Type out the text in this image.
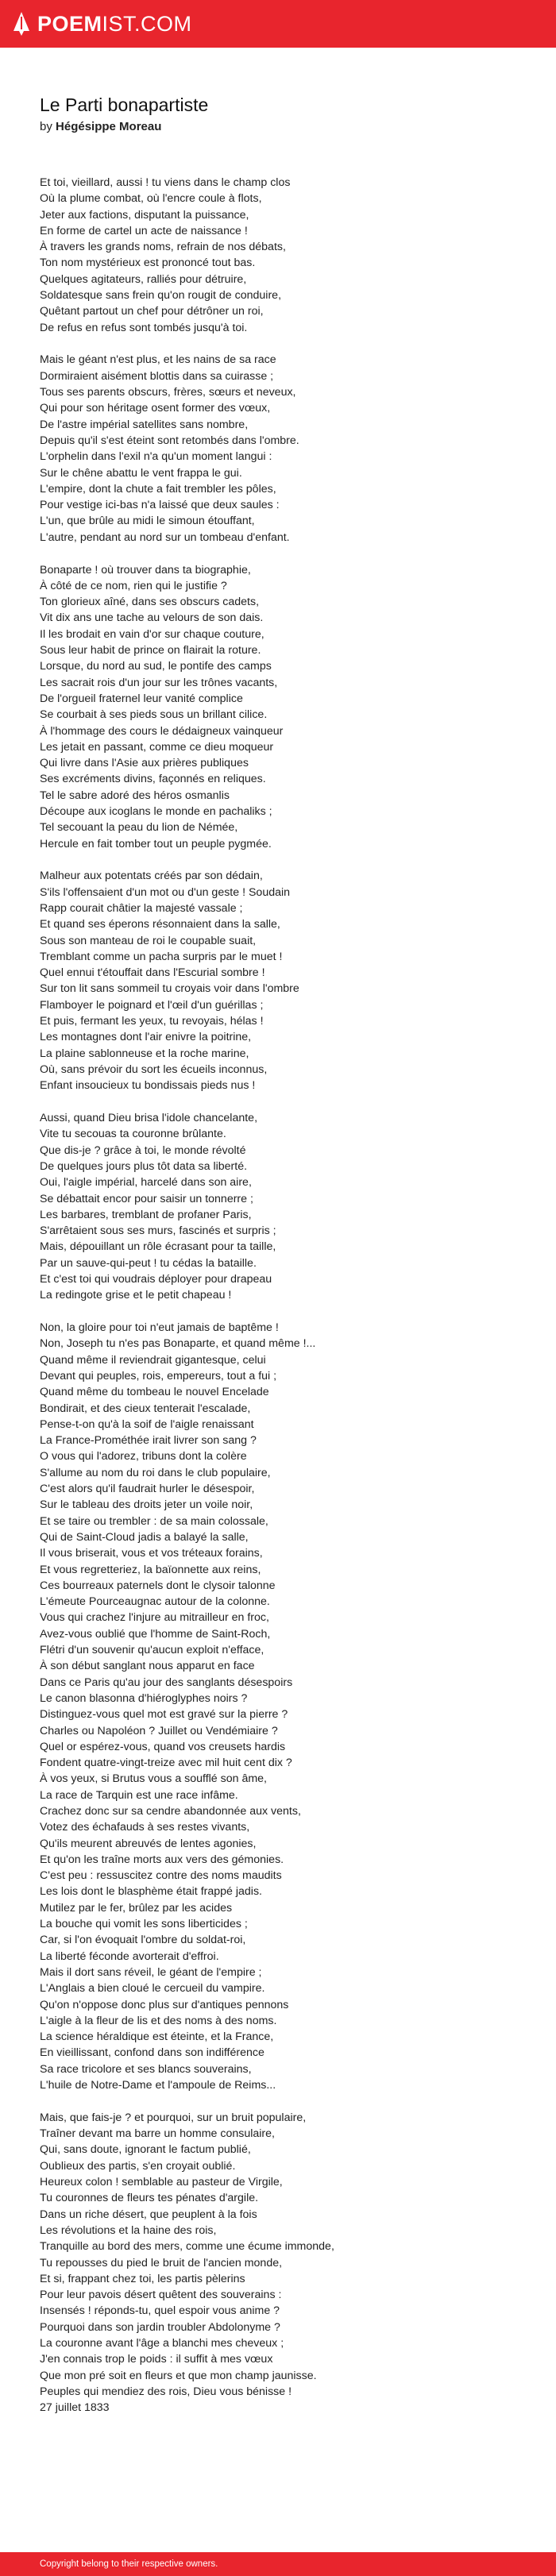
POEMIST.COM
Le Parti bonapartiste

by Hégésippe Moreau

Et toi, vieillard, aussi ! tu viens dans le champ clos
Où la plume combat, où l'encre coule à flots,
Jeter aux factions, disputant la puissance,
En forme de cartel un acte de naissance !
À travers les grands noms, refrain de nos débats,
Ton nom mystérieux est prononcé tout bas.
Quelques agitateurs, ralliés pour détruire,
Soldatesque sans frein qu'on rougit de conduire,
Quêtant partout un chef pour détrôner un roi,
De refus en refus sont tombés jusqu'à toi.
Mais le géant n'est plus, et les nains de sa race
Dormiraient aisément blottis dans sa cuirasse ;
Tous ses parents obscurs, frères, sœurs et neveux,
Qui pour son héritage osent former des vœux,
De l'astre impérial satellites sans nombre,
Depuis qu'il s'est éteint sont retombés dans l'ombre.
L'orphelin dans l'exil n'a qu'un moment langui :
Sur le chêne abattu le vent frappa le gui.
L'empire, dont la chute a fait trembler les pôles,
Pour vestige ici-bas n'a laissé que deux saules :
L'un, que brûle au midi le simoun étouffant,
L'autre, pendant au nord sur un tombeau d'enfant.
Bonaparte ! où trouver dans ta biographie,
À côté de ce nom, rien qui le justifie ?
Ton glorieux aîné, dans ses obscurs cadets,
Vit dix ans une tache au velours de son dais.
Il les brodait en vain d'or sur chaque couture,
Sous leur habit de prince on flairait la roture.
Lorsque, du nord au sud, le pontife des camps
Les sacrait rois d'un jour sur les trônes vacants,
De l'orgueil fraternel leur vanité complice
Se courbait à ses pieds sous un brillant cilice.
À l'hommage des cours le dédaigneux vainqueur
Les jetait en passant, comme ce dieu moqueur
Qui livre dans l'Asie aux prières publiques
Ses excréments divins, façonnés en reliques.
Tel le sabre adoré des héros osmanlis
Découpe aux icoglans le monde en pachaliks ;
Tel secouant la peau du lion de Némée,
Hercule en fait tomber tout un peuple pygmée.
Malheur aux potentats créés par son dédain,
S'ils l'offensaient d'un mot ou d'un geste ! Soudain
Rapp courait châtier la majesté vassale ;
Et quand ses éperons résonnaient dans la salle,
Sous son manteau de roi le coupable suait,
Tremblant comme un pacha surpris par le muet !
Quel ennui t'étouffait dans l'Escurial sombre !
Sur ton lit sans sommeil tu croyais voir dans l'ombre
Flamboyer le poignard et l'œil d'un guérillas ;
Et puis, fermant les yeux, tu revoyais, hélas !
Les montagnes dont l'air enivre la poitrine,
La plaine sablonneuse et la roche marine,
Où, sans prévoir du sort les écueils inconnus,
Enfant insoucieux tu bondissais pieds nus !
Aussi, quand Dieu brisa l'idole chancelante,
Vite tu secouas ta couronne brûlante.
Que dis-je ? grâce à toi, le monde révolté
De quelques jours plus tôt data sa liberté.
Oui, l'aigle impérial, harcelé dans son aire,
Se débattait encor pour saisir un tonnerre ;
Les barbares, tremblant de profaner Paris,
S'arrêtaient sous ses murs, fascinés et surpris ;
Mais, dépouillant un rôle écrasant pour ta taille,
Par un sauve-qui-peut ! tu cédas la bataille.
Et c'est toi qui voudrais déployer pour drapeau
La redingote grise et le petit chapeau !
Non, la gloire pour toi n'eut jamais de baptême !
Non, Joseph tu n'es pas Bonaparte, et quand même !...
Quand même il reviendrait gigantesque, celui
Devant qui peuples, rois, empereurs, tout a fui ;
Quand même du tombeau le nouvel Encelade
Bondirait, et des cieux tenterait l'escalade,
Pense-t-on qu'à la soif de l'aigle renaissant
La France-Prométhée irait livrer son sang ?
O vous qui l'adorez, tribuns dont la colère
S'allume au nom du roi dans le club populaire,
C'est alors qu'il faudrait hurler le désespoir,
Sur le tableau des droits jeter un voile noir,
Et se taire ou trembler : de sa main colossale,
Qui de Saint-Cloud jadis a balayé la salle,
Il vous briserait, vous et vos tréteaux forains,
Et vous regretteriez, la baïonnette aux reins,
Ces bourreaux paternels dont le clysoir talonne
L'émeute Pourceaugnac autour de la colonne.
Vous qui crachez l'injure au mitrailleur en froc,
Avez-vous oublié que l'homme de Saint-Roch,
Flétri d'un souvenir qu'aucun exploit n'efface,
À son début sanglant nous apparut en face
Dans ce Paris qu'au jour des sanglants désespoirs
Le canon blasonna d'hiéroglyphes noirs ?
Distinguez-vous quel mot est gravé sur la pierre ?
Charles ou Napoléon ? Juillet ou Vendémiaire ?
Quel or espérez-vous, quand vos creusets hardis
Fondent quatre-vingt-treize avec mil huit cent dix ?
À vos yeux, si Brutus vous a soufflé son âme,
La race de Tarquin est une race infâme.
Crachez donc sur sa cendre abandonnée aux vents,
Votez des échafauds à ses restes vivants,
Qu'ils meurent abreuvés de lentes agonies,
Et qu'on les traîne morts aux vers des gémonies.
C'est peu : ressuscitez contre des noms maudits
Les lois dont le blasphème était frappé jadis.
Mutilez par le fer, brûlez par les acides
La bouche qui vomit les sons liberticides ;
Car, si l'on évoquait l'ombre du soldat-roi,
La liberté féconde avorterait d'effroi.
Mais il dort sans réveil, le géant de l'empire ;
L'Anglais a bien cloué le cercueil du vampire.
Qu'on n'oppose donc plus sur d'antiques pennons
L'aigle à la fleur de lis et des noms à des noms.
La science héraldique est éteinte, et la France,
En vieillissant, confond dans son indifférence
Sa race tricolore et ses blancs souverains,
L'huile de Notre-Dame et l'ampoule de Reims...
Mais, que fais-je ? et pourquoi, sur un bruit populaire,
Traîner devant ma barre un homme consulaire,
Qui, sans doute, ignorant le factum publié,
Oublieux des partis, s'en croyait oublié.
Heureux colon ! semblable au pasteur de Virgile,
Tu couronnes de fleurs tes pénates d'argile.
Dans un riche désert, que peuplent à la fois
Les révolutions et la haine des rois,
Tranquille au bord des mers, comme une écume immonde,
Tu repousses du pied le bruit de l'ancien monde,
Et si, frappant chez toi, les partis pèlerins
Pour leur pavois désert quêtent des souverains :
Insensés ! réponds-tu, quel espoir vous anime ?
Pourquoi dans son jardin troubler Abdolonyme ?
La couronne avant l'âge a blanchi mes cheveux ;
J'en connais trop le poids : il suffit à mes vœux
Que mon pré soit en fleurs et que mon champ jaunisse.
Peuples qui mendiez des rois, Dieu vous bénisse !
27 juillet 1833
Copyright belong to their respective owners.
